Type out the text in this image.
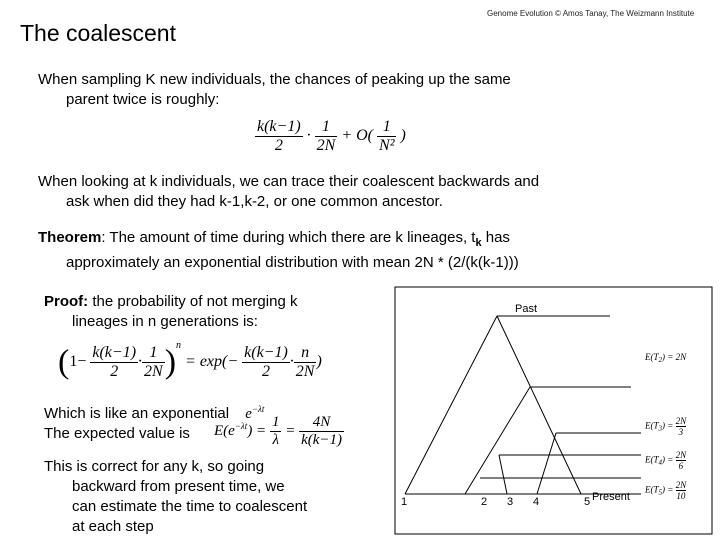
Genome Evolution © Amos Tanay, The Weizmann Institute
The coalescent
When sampling K new individuals, the chances of peaking up the same
parent twice is roughly:
$\frac{k(k-1)}{2} \cdot \frac{1}{2N} + O( \frac{1}{\text{N²}}$ )
When looking at k individuals, we can trace their coalescent backwards and
ask when did they had k-1,k-2, or one common ancestor.
Theorem: The amount of time during which there are k lineages, $t_k$ has
approximately an exponential distribution with mean 2N * (2/(k(k-1)))
Proof: the probability of not merging k
lineages in n generations is:
$(1- \frac{k(k-1)}{2} \cdot \frac{1}{2N} )^n = \exp(- \frac{k(k-1)}{2} \cdot \frac{n}{2N}$ )
Which is like an exponential $e^{-\lambda t}$
The expected value is $E(e^{-\lambda t}) = \frac{1}{\lambda} = \frac{4N}{k(k-1)}$
This is correct for any k, so going
backward from present time, we
can estimate the time to coalescent
at each step
Past
Present
1	2 3 4	5
$E(T_2) = 2N$
$E(T_3) = \frac{2N}{3}$
$E(T_4) = \frac{2N}{6}$
$E(T_5) = \frac{2N}{10}$
